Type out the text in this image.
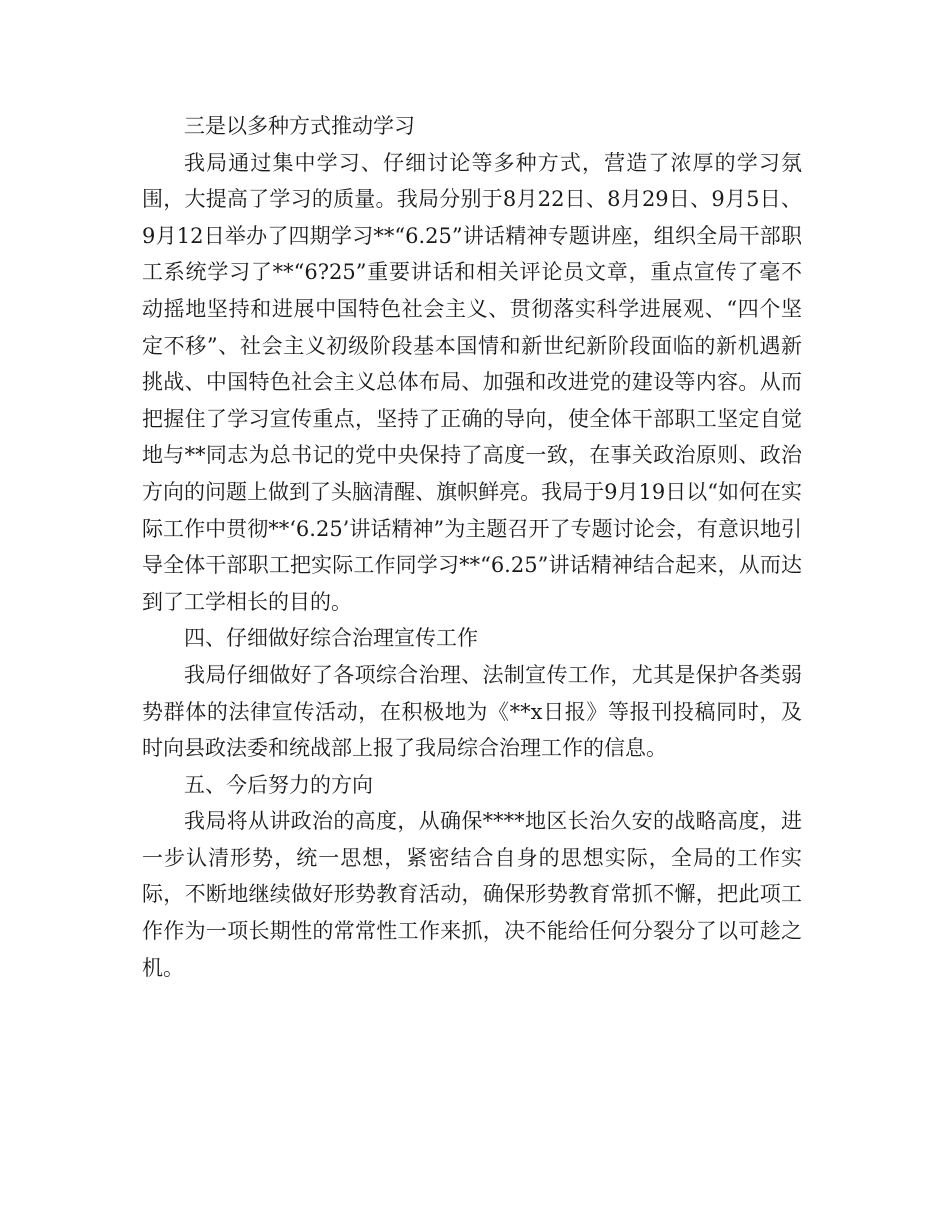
三是以多种方式推动学习

我局通过集中学习、仔细讨论等多种方式，营造了浓厚的学习氛围，大提高了学习的质量。我局分别于8月22日、8月29日、9月5日、9月12日举办了四期学习**“6.25”讲话精神专题讲座，组织全局干部职工系统学习了**“6?25”重要讲话和相关评论员文章，重点宣传了毫不动摇地坚持和进展中国特色社会主义、贯彻落实科学进展观、“四个坚定不移”、社会主义初级阶段基本国情和新世纪新阶段面临的新机遇新挑战、中国特色社会主义总体布局、加强和改进党的建设等内容。从而把握住了学习宣传重点，坚持了正确的导向，使全体干部职工坚定自觉地与**同志为总书记的党中央保持了高度一致，在事关政治原则、政治方向的问题上做到了头脑清醒、旗帜鲜亮。我局于9月19日以“如何在实际工作中贯彻**‘6.25’讲话精神”为主题召开了专题讨论会，有意识地引导全体干部职工把实际工作同学习**“6.25”讲话精神结合起来，从而达到了工学相长的目的。

四、仔细做好综合治理宣传工作

我局仔细做好了各项综合治理、法制宣传工作，尤其是保护各类弱势群体的法律宣传活动，在积极地为《**x日报》等报刊投稿同时，及时向县政法委和统战部上报了我局综合治理工作的信息。

五、今后努力的方向

我局将从讲政治的高度，从确保****地区长治久安的战略高度，进一步认清形势，统一思想，紧密结合自身的思想实际，全局的工作实际，不断地继续做好形势教育活动，确保形势教育常抓不懈，把此项工作作为一项长期性的常常性工作来抓，决不能给任何分裂分了以可趁之机。
